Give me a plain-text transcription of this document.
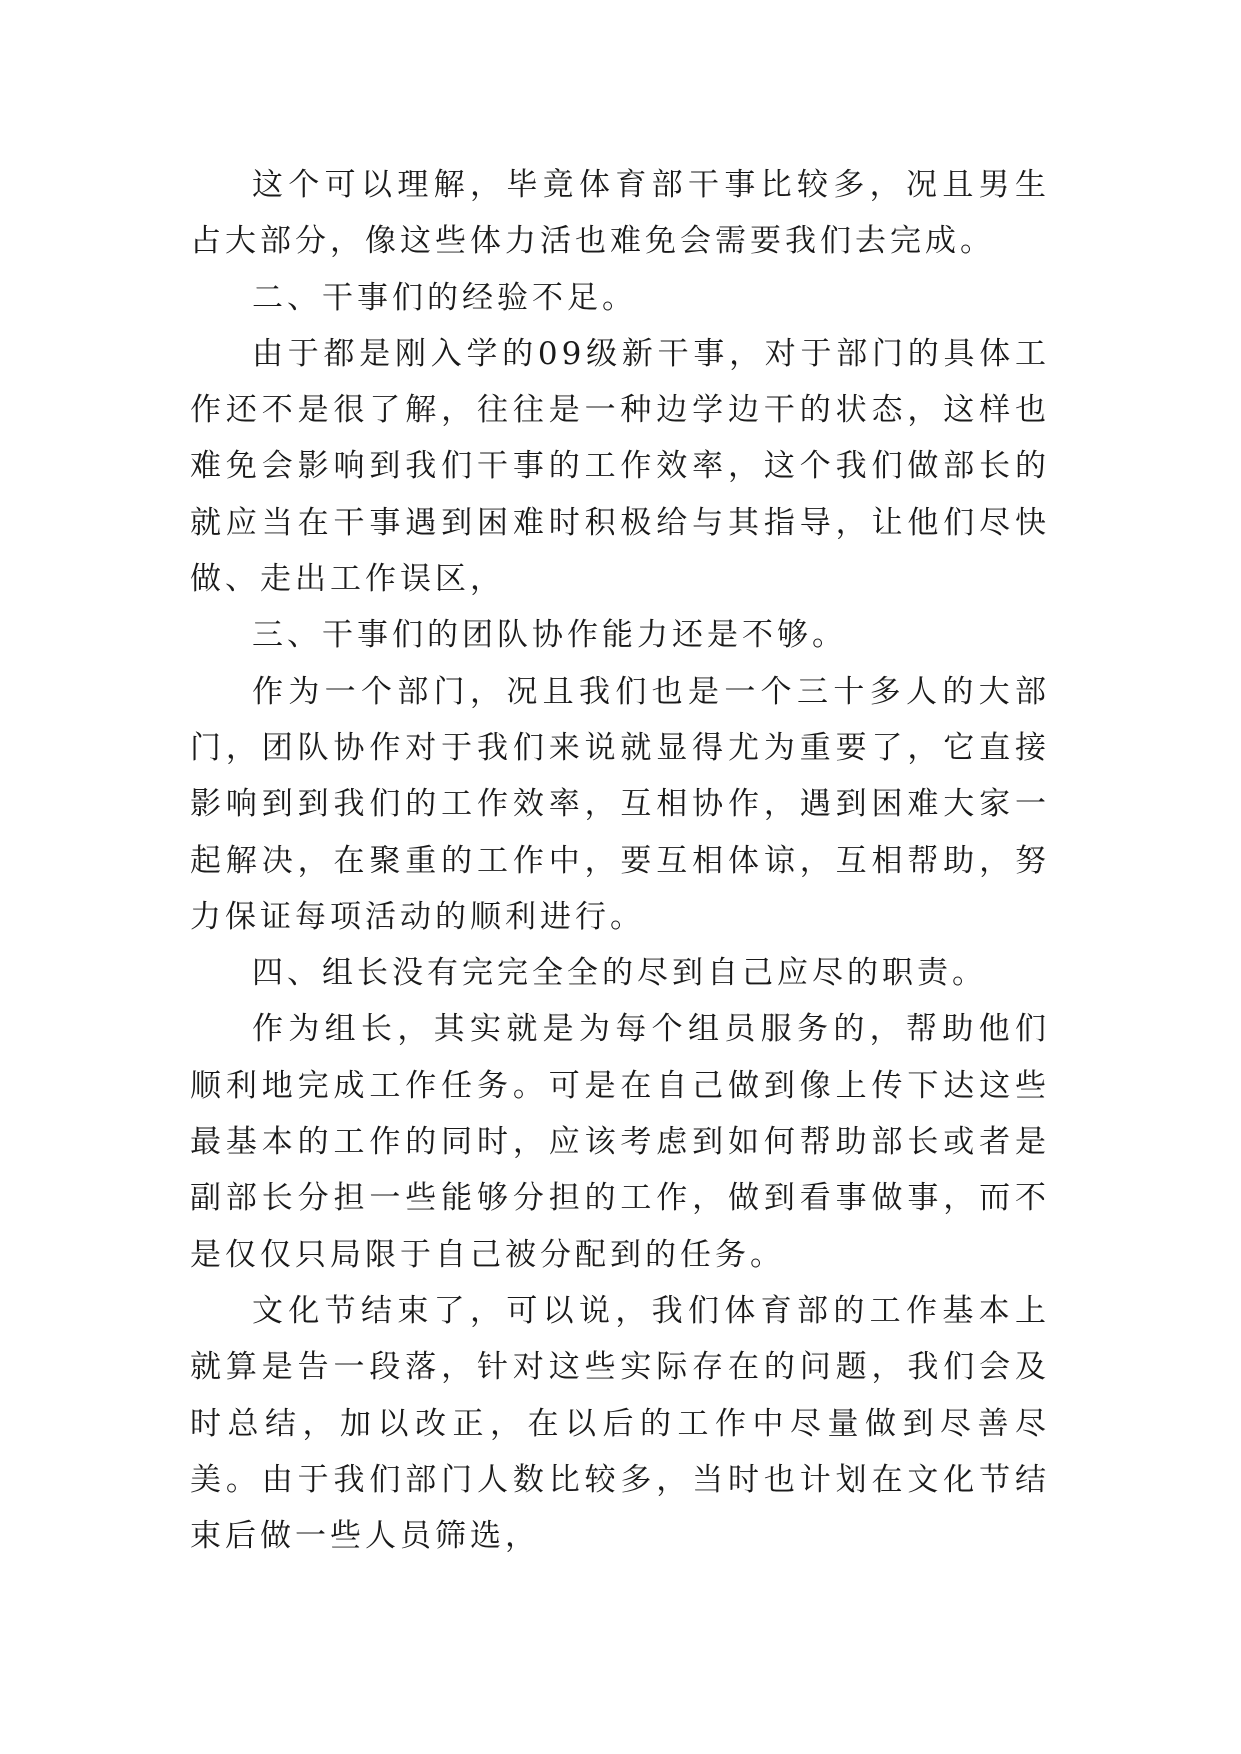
这个可以理解，毕竟体育部干事比较多，况且男生占大部分，像这些体力活也难免会需要我们去完成。

二、干事们的经验不足。

由于都是刚入学的09级新干事，对于部门的具体工作还不是很了解，往往是一种边学边干的状态，这样也难免会影响到我们干事的工作效率，这个我们做部长的就应当在干事遇到困难时积极给与其指导，让他们尽快做、走出工作误区，

三、干事们的团队协作能力还是不够。

作为一个部门，况且我们也是一个三十多人的大部门，团队协作对于我们来说就显得尤为重要了，它直接影响到到我们的工作效率，互相协作，遇到困难大家一起解决，在聚重的工作中，要互相体谅，互相帮助，努力保证每项活动的顺利进行。

四、组长没有完完全全的尽到自己应尽的职责。

作为组长，其实就是为每个组员服务的，帮助他们顺利地完成工作任务。可是在自己做到像上传下达这些最基本的工作的同时，应该考虑到如何帮助部长或者是副部长分担一些能够分担的工作，做到看事做事，而不是仅仅只局限于自己被分配到的任务。

文化节结束了，可以说，我们体育部的工作基本上就算是告一段落，针对这些实际存在的问题，我们会及时总结，加以改正，在以后的工作中尽量做到尽善尽美。由于我们部门人数比较多，当时也计划在文化节结束后做一些人员筛选，
